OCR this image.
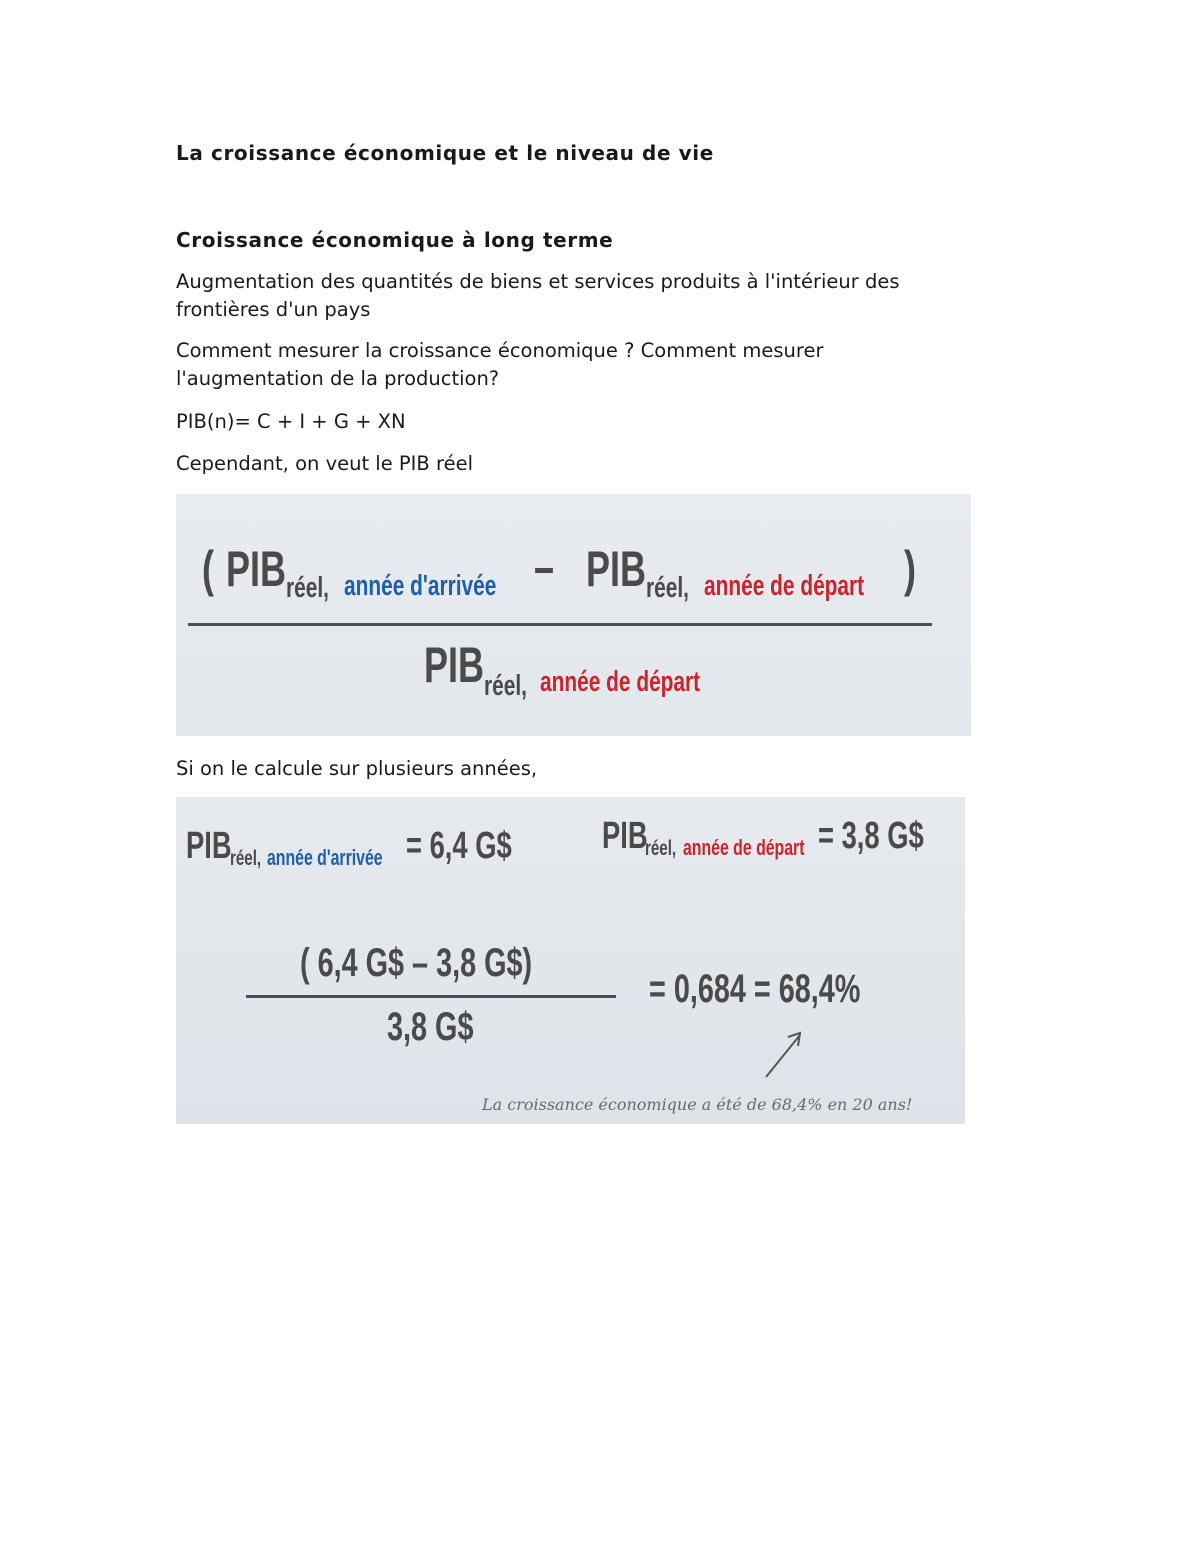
La croissance économique et le niveau de vie

Croissance économique à long terme

Augmentation des quantités de biens et services produits à l'intérieur des frontières d'un pays

Comment mesurer la croissance économique ? Comment mesurer l'augmentation de la production?

PIB(n)= C + I + G + XN

Cependant, on veut le PIB réel

( PIB réel, année d'arrivée – PIB réel, année de départ )
PIB réel, année de départ

Si on le calcule sur plusieurs années,

PIB
réel, année d'arrivée = 6,4 G$ PIB
réel, année de départ = 3,8 G$
( 6,4 G$ – 3,8 G$)
3,8 G$
= 0,684 = 68,4%
La croissance économique a été de 68,4% en 20 ans!
